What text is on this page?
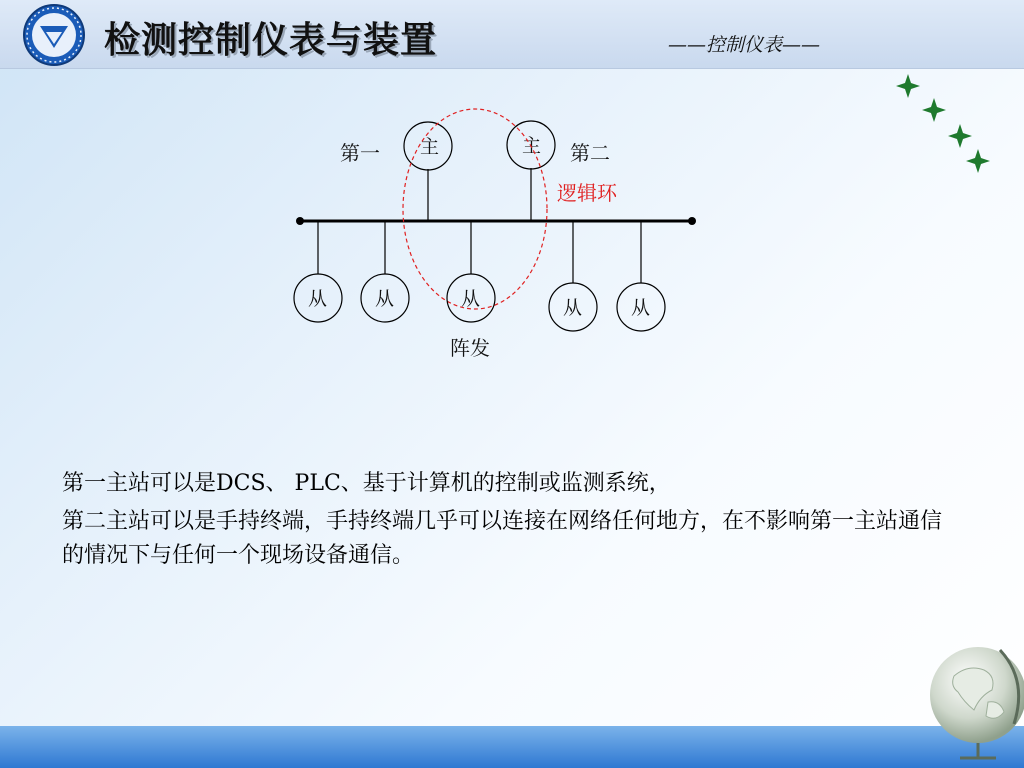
检测控制仪表与装置	——控制仪表——
主
第一	主 第二
逻辑环
从	从	从	从	从
阵发

第一主站可以是DCS、 PLC、基于计算机的控制或监测系统，

第二主站可以是手持终端，手持终端几乎可以连接在网络任何地方，在不影响第一主站通信的情况下与任何一个现场设备通信。
